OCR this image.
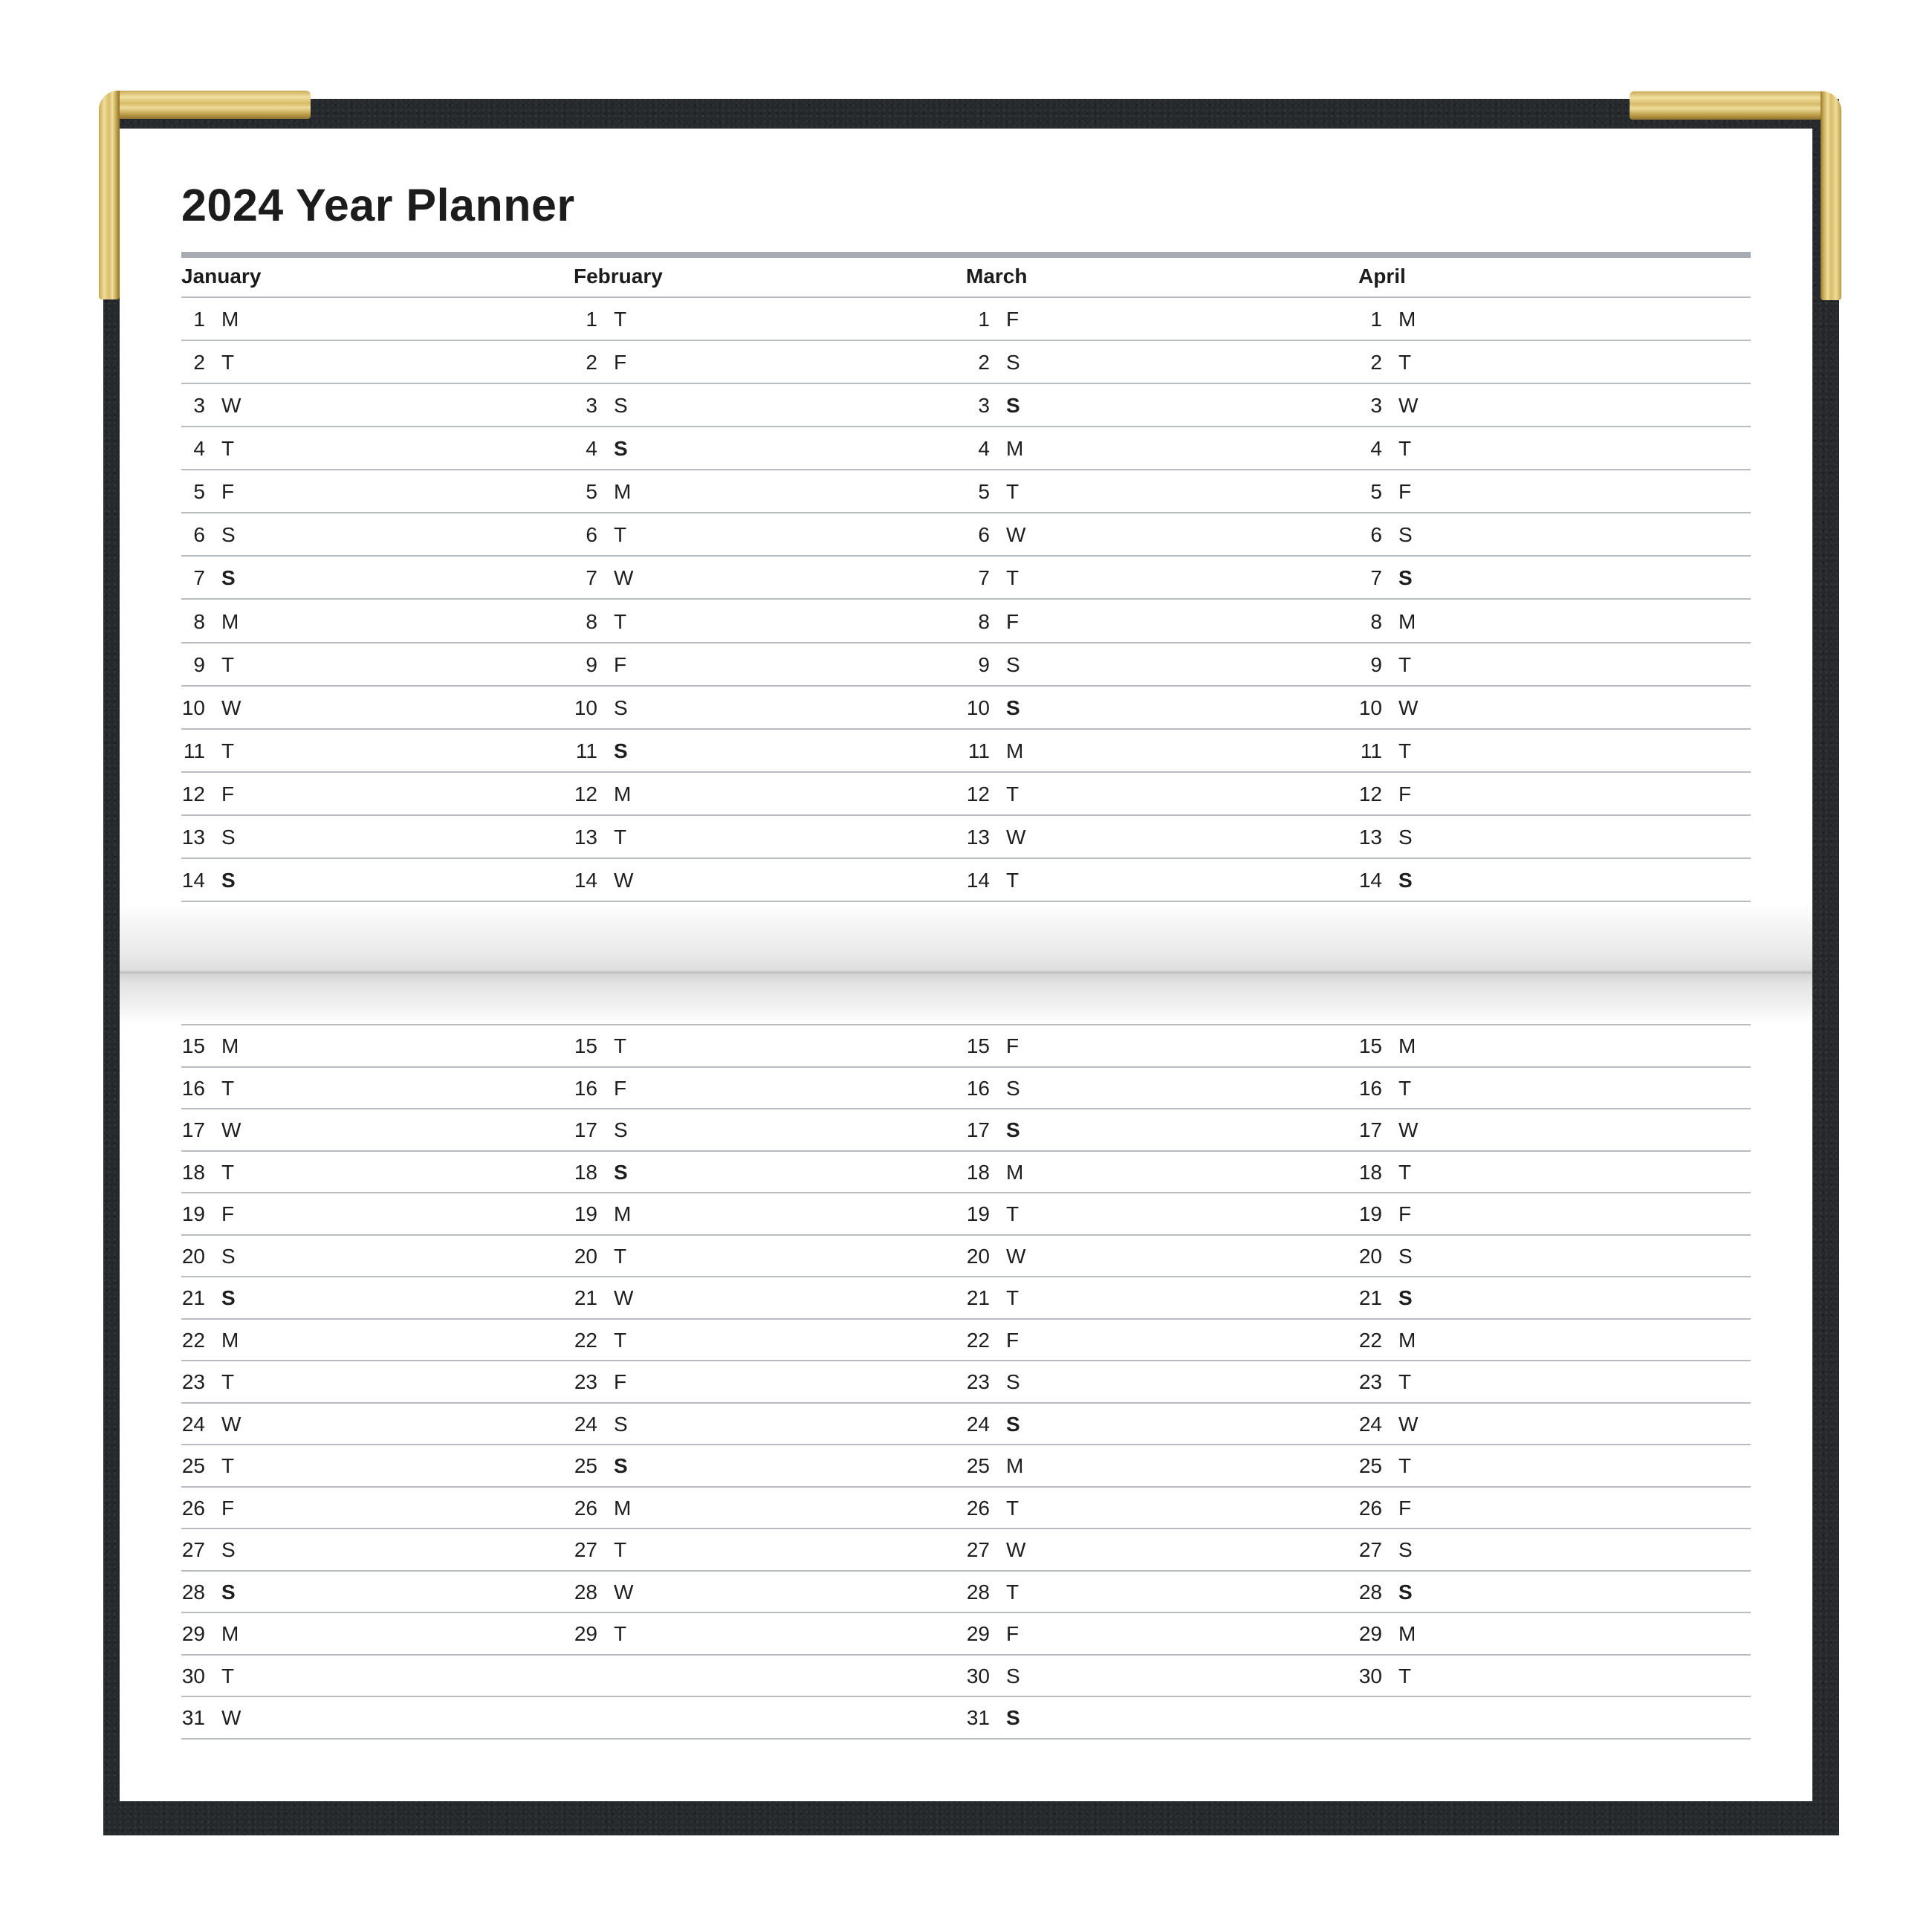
2024 Year Planner
January
1 M
2 T
3 W
4 T
5 F
6 S
7 S
8 M
9 T
10 W
11 T
12 F
13 S
14 S
15 M
16 T
17 W
18 T
19 F
20 S
21 S
22 M
23 T
24 W
25 T
26 F
27 S
28 S
29 M
30 T
31 W
February
1 T
2 F
3 S
4 S
5 M
6 T
7 W
8 T
9 F
10 S
11 S
12 M
13 T
14 W
15 T
16 F
17 S
18 S
19 M
20 T
21 W
22 T
23 F
24 S
25 S
26 M
27 T
28 W
29 T
March
1 F
2 S
3 S
4 M
5 T
6 W
7 T
8 F
9 S
10 S
11 M
12 T
13 W
14 T
15 F
16 S
17 S
18 M
19 T
20 W
21 T
22 F
23 S
24 S
25 M
26 T
27 W
28 T
29 F
30 S
31 S
April
1 M
2 T
3 W
4 T
5 F
6 S
7 S
8 M
9 T
10 W
11 T
12 F
13 S
14 S
15 M
16 T
17 W
18 T
19 F
20 S
21 S
22 M
23 T
24 W
25 T
26 F
27 S
28 S
29 M
30 T
